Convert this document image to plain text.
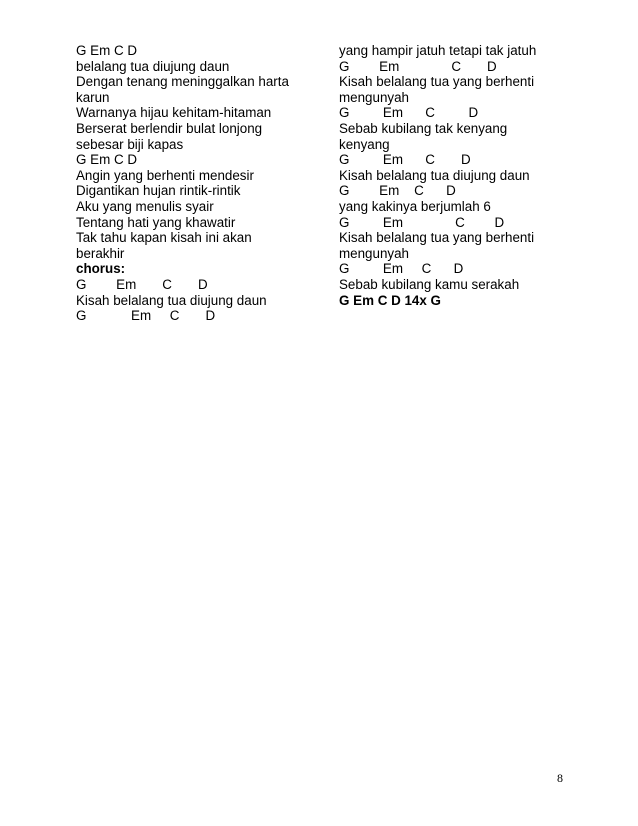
G Em C D
belalang tua diujung daun
Dengan tenang meninggalkan harta
karun
Warnanya hijau kehitam-hitaman
Berserat berlendir bulat lonjong
sebesar biji kapas
G Em C D
Angin yang berhenti mendesir
Digantikan hujan rintik-rintik
Aku yang menulis syair
Tentang hati yang khawatir
Tak tahu kapan kisah ini akan
berakhir
chorus:
G        Em       C       D
Kisah belalang tua diujung daun
G            Em     C       D
yang hampir jatuh tetapi tak jatuh
G        Em              C       D
Kisah belalang tua yang berhenti
mengunyah
G         Em      C         D
Sebab kubilang tak kenyang
kenyang
G         Em      C       D
Kisah belalang tua diujung daun
G        Em    C      D
yang kakinya berjumlah 6
G         Em              C        D
Kisah belalang tua yang berhenti
mengunyah
G         Em     C      D
Sebab kubilang kamu serakah
G Em C D 14x G
8
